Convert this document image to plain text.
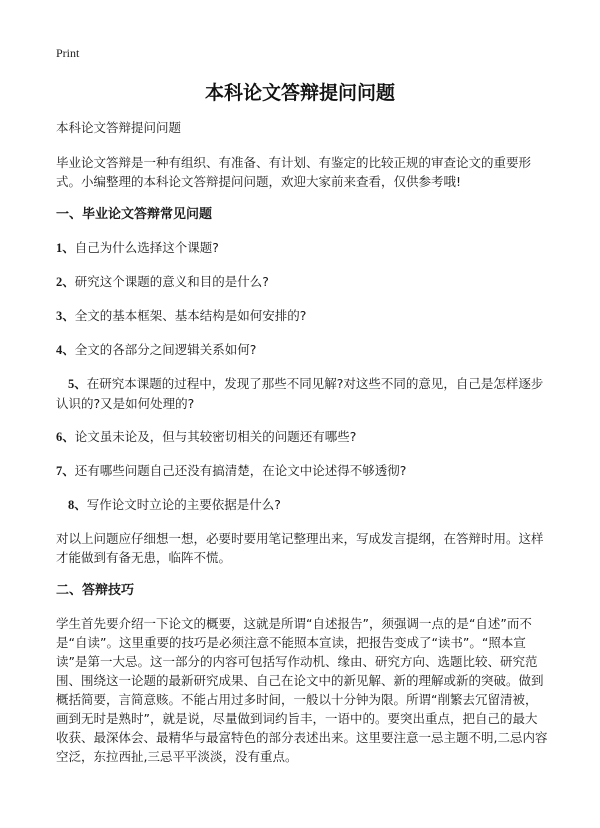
Print
本科论文答辩提问问题

本科论文答辩提问问题

毕业论文答辩是一种有组织、有准备、有计划、有鉴定的比较正规的审查论文的重要形式。小编整理的本科论文答辩提问问题，欢迎大家前来查看，仅供参考哦!

一、毕业论文答辩常见问题

1、自己为什么选择这个课题?

2、研究这个课题的意义和目的是什么?

3、全文的基本框架、基本结构是如何安排的?

4、全文的各部分之间逻辑关系如何?

5、在研究本课题的过程中，发现了那些不同见解?对这些不同的意见，自己是怎样逐步认识的?又是如何处理的?

6、论文虽未论及，但与其较密切相关的问题还有哪些?

7、还有哪些问题自己还没有搞清楚，在论文中论述得不够透彻?

8、写作论文时立论的主要依据是什么?

对以上问题应仔细想一想，必要时要用笔记整理出来，写成发言提纲，在答辩时用。这样才能做到有备无患，临阵不慌。

二、答辩技巧

学生首先要介绍一下论文的概要，这就是所谓“自述报告”，须强调一点的是“自述”而不是“自读”。这里重要的技巧是必须注意不能照本宣读，把报告变成了“读书”。“照本宣读”是第一大忌。这一部分的内容可包括写作动机、缘由、研究方向、选题比较、研究范围、围绕这一论题的最新研究成果、自己在论文中的新见解、新的理解或新的突破。做到概括简要，言简意赅。不能占用过多时间，一般以十分钟为限。所谓“削繁去冗留清被，画到无时是熟时”，就是说，尽量做到词约旨丰，一语中的。要突出重点，把自己的最大收获、最深体会、最精华与最富特色的部分表述出来。这里要注意一忌主题不明,二忌内容空泛，东拉西扯,三忌平平淡淡，没有重点。
